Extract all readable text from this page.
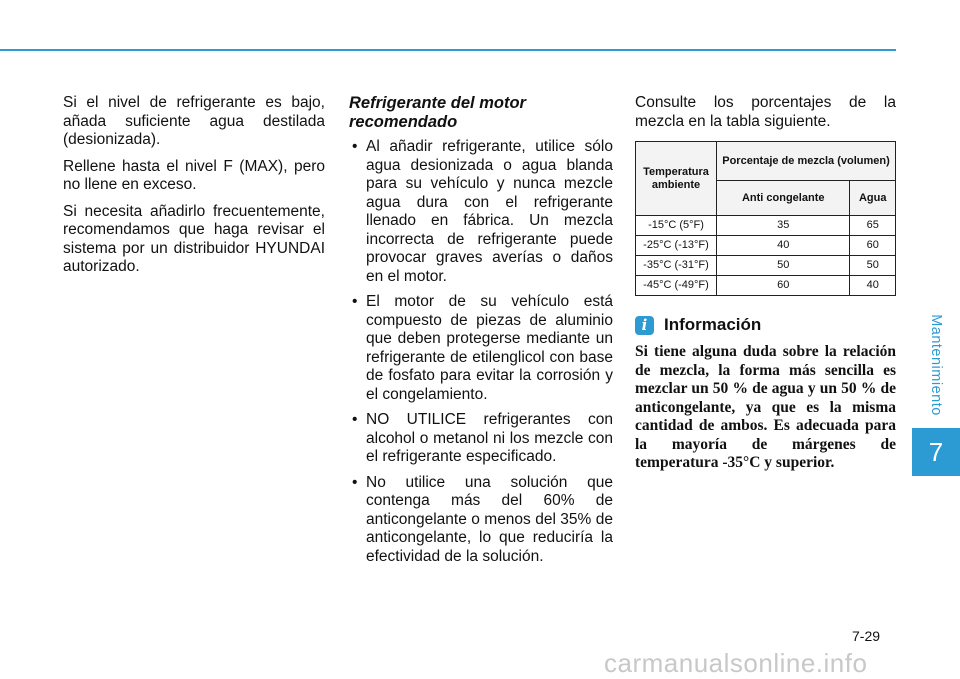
Mantenimiento
7

Si el nivel de refrigerante es bajo, añada suficiente agua destilada (desionizada).

Rellene hasta el nivel F (MAX), pero no llene en exceso.

Si necesita añadirlo frecuentemente, recomendamos que haga revisar el sistema por un distribuidor HYUNDAI autorizado.

Refrigerante del motor recomendado
• Al añadir refrigerante, utilice sólo agua desionizada o agua blanda para su vehículo y nunca mezcle agua dura con el refrigerante llenado en fábrica. Un mezcla incorrecta de refrigerante puede provocar graves averías o daños en el motor.
• El motor de su vehículo está compuesto de piezas de aluminio que deben protegerse mediante un refrigerante de etilenglicol con base de fosfato para evitar la corrosión y el congelamiento.
• NO UTILICE refrigerantes con alcohol o metanol ni los mezcle con el refrigerante especificado.
• No utilice una solución que contenga más del 60% de anticongelante o menos del 35% de anticongelante, lo que reduciría la efectividad de la solución.

Consulte los porcentajes de la mezcla en la tabla siguiente.

Temperatura ambiente	Porcentaje de mezcla (volumen)	
	Anti congelante	Agua
-15°C (5°F)	35	65
-25°C (-13°F)	40	60
-35°C (-31°F)	50	50
-45°C (-49°F)	60	40
i Información
Si tiene alguna duda sobre la relación de mezcla, la forma más sencilla es mezclar un 50 % de agua y un 50 % de anticongelante, ya que es la misma cantidad de ambos. Es adecuada para la mayoría de márgenes de temperatura -35°C y superior.
7-29
carmanualsonline.info
